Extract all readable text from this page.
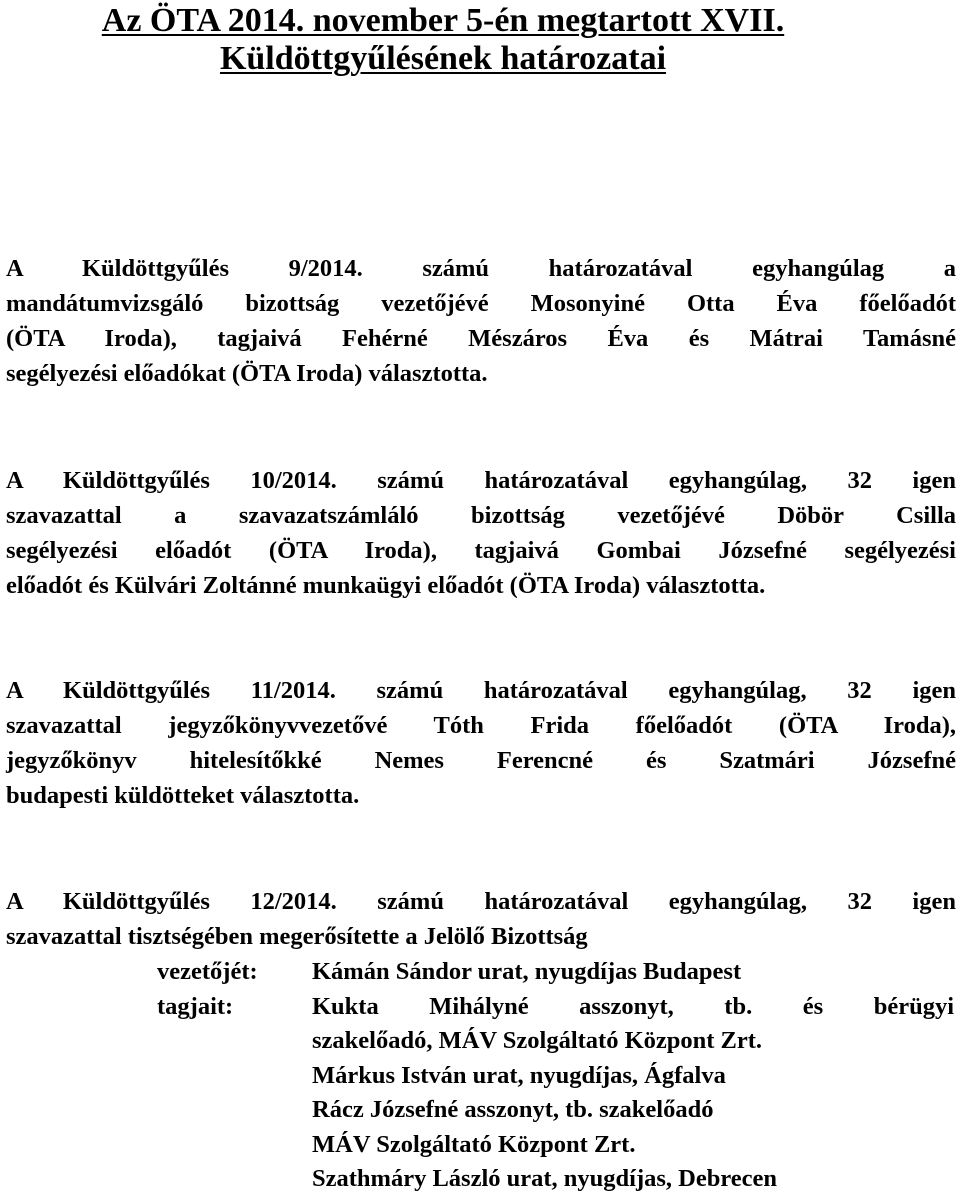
Az ÖTA 2014. november 5-én megtartott XVII.
Küldöttgyűlésének határozatai
A Küldöttgyűlés 9/2014. számú határozatával egyhangúlag a
mandátumvizsgáló bizottság vezetőjévé Mosonyiné Otta Éva főelőadót
(ÖTA Iroda), tagjaivá Fehérné Mészáros Éva és Mátrai Tamásné
segélyezési előadókat (ÖTA Iroda) választotta.
A Küldöttgyűlés 10/2014. számú határozatával egyhangúlag, 32 igen
szavazattal a szavazatszámláló bizottság vezetőjévé Döbör Csilla
segélyezési előadót (ÖTA Iroda), tagjaivá Gombai Józsefné segélyezési
előadót és Külvári Zoltánné munkaügyi előadót (ÖTA Iroda) választotta.
A Küldöttgyűlés 11/2014. számú határozatával egyhangúlag, 32 igen
szavazattal jegyzőkönyvvezetővé Tóth Frida főelőadót (ÖTA Iroda),
jegyzőkönyv hitelesítőkké Nemes Ferencné és Szatmári Józsefné
budapesti küldötteket választotta.
A Küldöttgyűlés 12/2014. számú határozatával egyhangúlag, 32 igen
szavazattal tisztségében megerősítette a Jelölő Bizottság
vezetőjét: Kámán Sándor urat, nyugdíjas Budapest
tagjait:	Kukta Mihályné asszonyt, tb. és bérügyi
szakelőadó, MÁV Szolgáltató Központ Zrt.
Márkus István urat, nyugdíjas, Ágfalva
Rácz Józsefné asszonyt, tb. szakelőadó
MÁV Szolgáltató Központ Zrt.
Szathmáry László urat, nyugdíjas, Debrecen
